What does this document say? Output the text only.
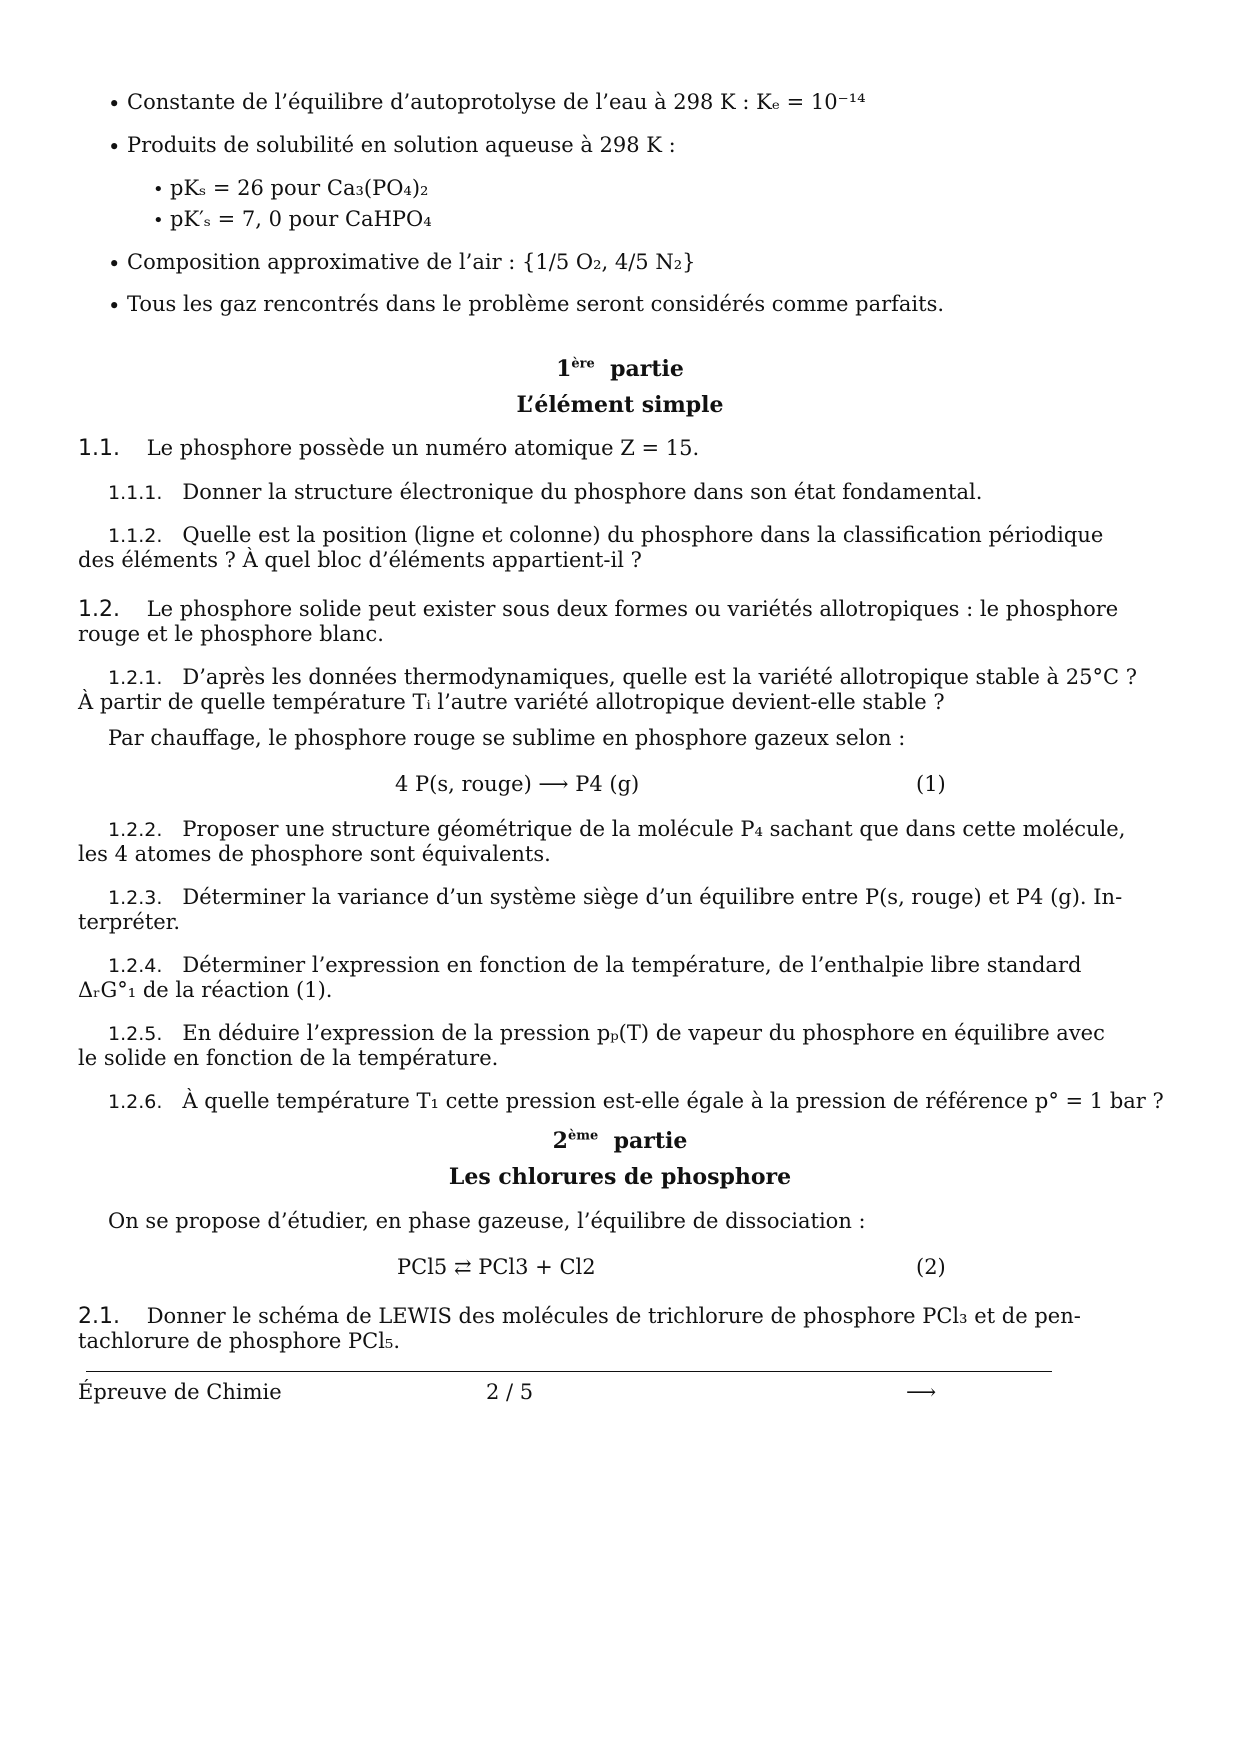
• Constante de l’équilibre d’autoprotolyse de l’eau à 298 K : Kₑ = 10⁻¹⁴
• Produits de solubilité en solution aqueuse à 298 K :
• pKₛ = 26 pour Ca₃(PO₄)₂
• pK′ₛ = 7, 0 pour CaHPO₄
• Composition approximative de l’air : {1/5 O₂, 4/5 N₂}
• Tous les gaz rencontrés dans le problème seront considérés comme parfaits.
1ère partie
L’élément simple
1.1. Le phosphore possède un numéro atomique Z = 15.
1.1.1. Donner la structure électronique du phosphore dans son état fondamental.
1.1.2. Quelle est la position (ligne et colonne) du phosphore dans la classification périodique
des éléments ? À quel bloc d’éléments appartient-il ?
1.2. Le phosphore solide peut exister sous deux formes ou variétés allotropiques : le phosphore
rouge et le phosphore blanc.
1.2.1. D’après les données thermodynamiques, quelle est la variété allotropique stable à 25°C ?
À partir de quelle température Tᵢ l’autre variété allotropique devient-elle stable ?
Par chauffage, le phosphore rouge se sublime en phosphore gazeux selon :
4 P(s, rouge) ⟶ P4 (g)	(1)
1.2.2. Proposer une structure géométrique de la molécule P₄ sachant que dans cette molécule,
les 4 atomes de phosphore sont équivalents.
1.2.3. Déterminer la variance d’un système siège d’un équilibre entre P(s, rouge) et P4 (g). In-
terpréter.
1.2.4. Déterminer l’expression en fonction de la température, de l’enthalpie libre standard
ΔᵣG°₁ de la réaction (1).
1.2.5. En déduire l’expression de la pression pₚ(T) de vapeur du phosphore en équilibre avec
le solide en fonction de la température.
1.2.6. À quelle température T₁ cette pression est-elle égale à la pression de référence p° = 1 bar ?
2ème partie
Les chlorures de phosphore
On se propose d’étudier, en phase gazeuse, l’équilibre de dissociation :
PCl5 ⇄ PCl3 + Cl2	(2)
2.1. Donner le schéma de LEWIS des molécules de trichlorure de phosphore PCl₃ et de pen-
tachlorure de phosphore PCl₅.
Épreuve de Chimie	2 / 5	⟶
